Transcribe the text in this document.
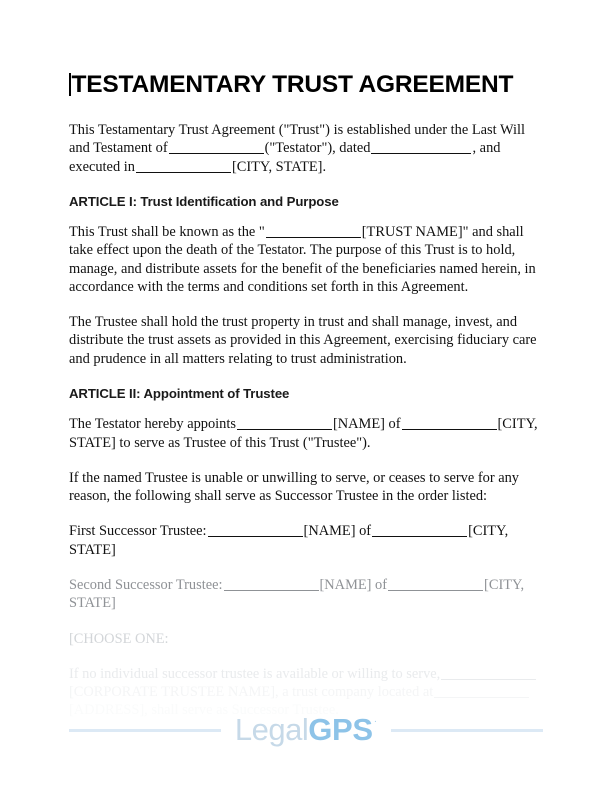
TESTAMENTARY TRUST AGREEMENT

This Testamentary Trust Agreement ("Trust") is established under the Last Will and Testament of	("Testator"), dated	, and executed in	[CITY, STATE].

ARTICLE I: Trust Identification and Purpose

This Trust shall be known as the "	[TRUST NAME]" and shall take effect upon the death of the Testator. The purpose of this Trust is to hold, manage, and distribute assets for the benefit of the beneficiaries named herein, in accordance with the terms and conditions set forth in this Agreement.

The Trustee shall hold the trust property in trust and shall manage, invest, and distribute the trust assets as provided in this Agreement, exercising fiduciary care and prudence in all matters relating to trust administration.

ARTICLE II: Appointment of Trustee

The Testator hereby appoints	[NAME] of	[CITY, STATE] to serve as Trustee of this Trust ("Trustee").

If the named Trustee is unable or unwilling to serve, or ceases to serve for any reason, the following shall serve as Successor Trustee in the order listed:

First Successor Trustee:	[NAME] of	[CITY, STATE]

Second Successor Trustee:	[NAME] of	[CITY, STATE]

[CHOOSE ONE:

If no individual successor trustee is available or willing to serve,[CORPORATE TRUSTEE NAME], a trust company located at[ADDRESS], shall serve as Successor Trustee.

LegalGPS·
